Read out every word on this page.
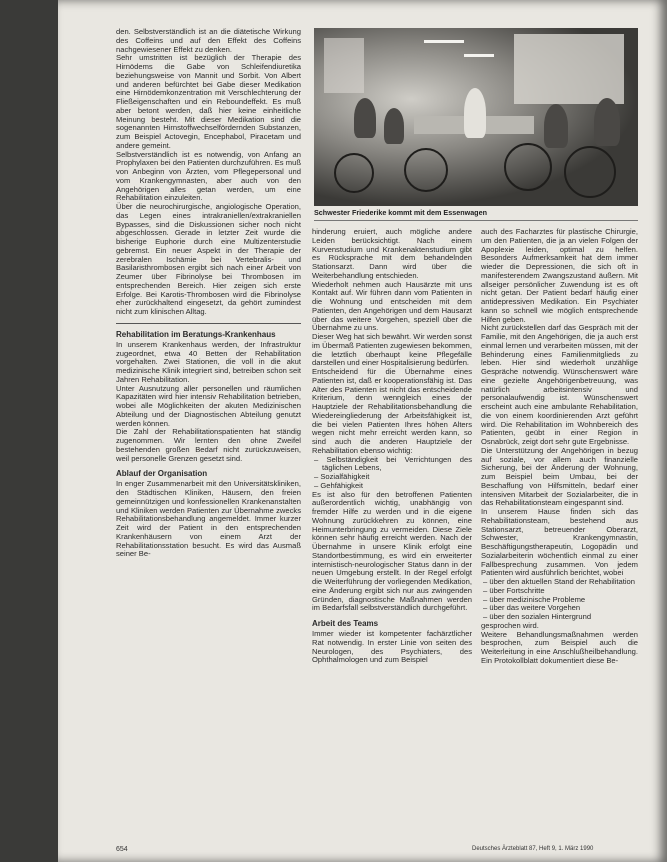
den. Selbstverständlich ist an die diätetische Wirkung des Coffeins und auf den Effekt des Coffeins nachgewiesener Effekt zu denken.

Sehr umstritten ist bezüglich der Therapie des Hirnödems die Gabe von Schleifendiuretika beziehungsweise von Mannit und Sorbit. Von Albert und anderen befürchtet bei Gabe dieser Medikation eine Hirnödemkonzentration mit Verschlechterung der Fließeigenschaften und ein Reboundeffekt. Es muß aber betont werden, daß hier keine einheitliche Meinung besteht. Mit dieser Medikation sind die sogenannten Hirnstoffwechselfördernden Substanzen, zum Beispiel Actovegin, Encephabol, Piracetam und andere gemeint.

Selbstverständlich ist es notwendig, von Anfang an Prophylaxen bei den Patienten durchzuführen. Es muß von Anbeginn von Ärzten, vom Pflegepersonal und vom Krankengymnasten, aber auch von den Angehörigen alles getan werden, um eine Rehabilitation einzuleiten.

Über die neurochirurgische, angiologische Operation, das Legen eines intrakraniellen/extrakraniellen Bypasses, sind die Diskussionen sicher noch nicht abgeschlossen. Gerade in letzter Zeit wurde die bisherige Euphorie durch eine Multizenterstudie gebremst. Ein neuer Aspekt in der Therapie der zerebralen Ischämie bei Vertebralis- und Basilaristhrombosen ergibt sich nach einer Arbeit von Zeumer über Fibrinolyse bei Thrombosen im entsprechenden Bereich. Hier zeigen sich erste Erfolge. Bei Karotis-Thrombosen wird die Fibrinolyse eher zurückhaltend eingesetzt, da gehört zumindest nicht zum klinischen Alltag.

Rehabilitation im Beratungs-Krankenhaus

In unserem Krankenhaus werden, der Infrastruktur zugeordnet, etwa 40 Betten der Rehabilitation vorgehalten. Zwei Stationen, die voll in die akut medizinische Klinik integriert sind, betreiben schon seit Jahren Rehabilitation.

Unter Ausnutzung aller personellen und räumlichen Kapazitäten wird hier intensiv Rehabilitation betrieben, wobei alle Möglichkeiten der akuten Medizinischen Abteilung und der Diagnostischen Abteilung genutzt werden können.

Die Zahl der Rehabilitationspatienten hat ständig zugenommen. Wir lernten den ohne Zweifel bestehenden großen Bedarf nicht zurückzuweisen, weil personelle Grenzen gesetzt sind.

Ablauf der Organisation

In enger Zusammenarbeit mit den Universitätskliniken, den Städtischen Kliniken, Häusern, den freien gemeinnützigen und konfessionellen Krankenanstalten und Kliniken werden Patienten zur Übernahme zwecks Rehabilitationsbehandlung angemeldet. Immer kurzer Zeit wird der Patient in den entsprechenden Krankenhäusern von einem Arzt der Rehabilitationsstation besucht. Es wird das Ausmaß seiner Be-

Schwester Friederike kommt mit dem Essenwagen

hinderung eruiert, auch mögliche andere Leiden berücksichtigt. Nach einem Kurvenstudium und Krankenaktenstudium gibt es Rücksprache mit dem behandelnden Stationsarzt. Dann wird über die Weiterbehandlung entschieden.

Wiederholt nehmen auch Hausärzte mit uns Kontakt auf. Wir führen dann vom Patienten in die Wohnung und entscheiden mit dem Patienten, den Angehörigen und dem Hausarzt über das weitere Vorgehen, speziell über die Übernahme zu uns.

Dieser Weg hat sich bewährt. Wir werden sonst im Übermaß Patienten zugewiesen bekommen, die letztlich überhaupt keine Pflegefälle darstellen und einer Hospitalisierung bedürfen.

Entscheidend für die Übernahme eines Patienten ist, daß er kooperationsfähig ist. Das Alter des Patienten ist nicht das entscheidende Kriterium, denn wenngleich eines der Hauptziele der Rehabilitationsbehandlung die Wiedereingliederung der Arbeitsfähigkeit ist, die bei vielen Patienten Ihres höhen Alters wegen nicht mehr erreicht werden kann, so sind auch die anderen Hauptziele der Rehabilitation ebenso wichtig:

– Selbständigkeit bei Verrichtungen des täglichen Lebens,
– Sozialfähigkeit
– Gehfähigkeit

Es ist also für den betroffenen Patienten außerordentlich wichtig, unabhängig von fremder Hilfe zu werden und in die eigene Wohnung zurückkehren zu können, eine Heimunterbringung zu vermeiden. Diese Ziele können sehr häufig erreicht werden. Nach der Übernahme in unsere Klinik erfolgt eine Standortbestimmung, es wird ein erweiterter internistisch-neurologischer Status dann in der neuen Umgebung erstellt. In der Regel erfolgt die Weiterführung der vorliegenden Medikation, eine Änderung ergibt sich nur aus zwingenden Gründen, diagnostische Maßnahmen werden im Bedarfsfall selbstverständlich durchgeführt.

Arbeit des Teams

Immer wieder ist kompetenter fachärztlicher Rat notwendig. In erster Linie von seiten des Neurologen, des Psychiaters, des Ophthalmologen und zum Beispiel

auch des Facharztes für plastische Chirurgie, um den Patienten, die ja an vielen Folgen der Apoplexie leiden, optimal zu helfen. Besonders Aufmerksamkeit hat dem immer wieder die Depressionen, die sich oft in manifesterendem Zwangszustand äußern. Mit allseiger persönlicher Zuwendung ist es oft nicht getan. Der Patient bedarf häufig einer antidepressiven Medikation. Ein Psychiater kann so schnell wie möglich entsprechende Hilfen geben.

Nicht zurückstellen darf das Gespräch mit der Familie, mit den Angehörigen, die ja auch erst einmal lernen und verarbeiten müssen, mit der Behinderung eines Familienmitglieds zu leben. Hier sind wiederholt unzählige Gespräche notwendig. Wünschenswert wäre eine gezielte Angehörigenbetreuung, was natürlich arbeitsintensiv und personalaufwendig ist. Wünschenswert erscheint auch eine ambulante Rehabilitation, die von einem koordinierenden Arzt geführt wird. Die Rehabilitation im Wohnbereich des Patienten, geübt in einer Region in Osnabrück, zeigt dort sehr gute Ergebnisse.

Die Unterstützung der Angehörigen in bezug auf soziale, vor allem auch finanzielle Sicherung, bei der Änderung der Wohnung, zum Beispiel beim Umbau, bei der Beschaffung von Hilfsmitteln, bedarf einer intensiven Mitarbeit der Sozialarbeiter, die in das Rehabilitationsteam eingespannt sind.

In unserem Hause finden sich das Rehabilitationsteam, bestehend aus Stationsarzt, betreuender Oberarzt, Schwester, Krankengymnastin, Beschäftigungstherapeutin, Logopädin und Sozialarbeiterin wöchentlich einmal zu einer Fallbesprechung zusammen. Von jedem Patienten wird ausführlich berichtet, wobei

– über den aktuellen Stand der Rehabilitation
– über Fortschritte
– über medizinische Probleme
– über das weitere Vorgehen
– über den sozialen Hintergrund

gesprochen wird.

Weitere Behandlungsmaßnahmen werden besprochen, zum Beispiel auch die Weiterleitung in eine Anschlußheilbehandlung. Ein Protokollblatt dokumentiert diese Be-

654	Deutsches Ärzteblatt 87, Heft 9, 1. März 1990
